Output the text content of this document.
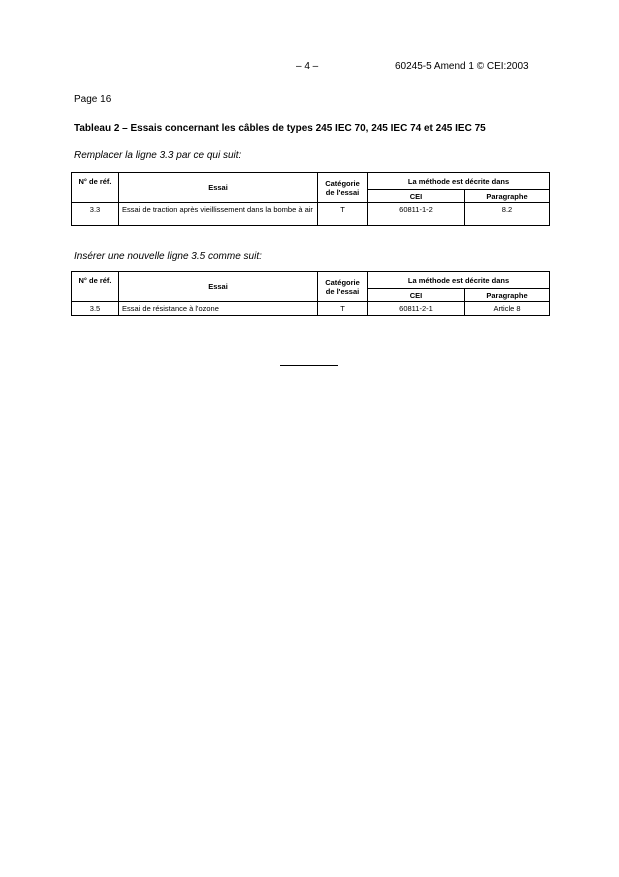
– 4 –	60245-5 Amend 1 © CEI:2003
Page 16
Tableau 2 – Essais concernant les câbles de types 245 IEC 70, 245 IEC 74 et 245 IEC 75
Remplacer la ligne 3.3 par ce qui suit:
N° de réf.	Essai	Catégorie de l'essai	La méthode est décrite dans	
			CEI	Paragraphe
3.3	Essai de traction après vieillissement dans la bombe à air	T	60811-1-2	8.2
Insérer une nouvelle ligne 3.5 comme suit:
N° de réf.	Essai	Catégorie de l'essai	La méthode est décrite dans	
			CEI	Paragraphe
3.5	Essai de résistance à l'ozone	T	60811-2-1	Article 8
